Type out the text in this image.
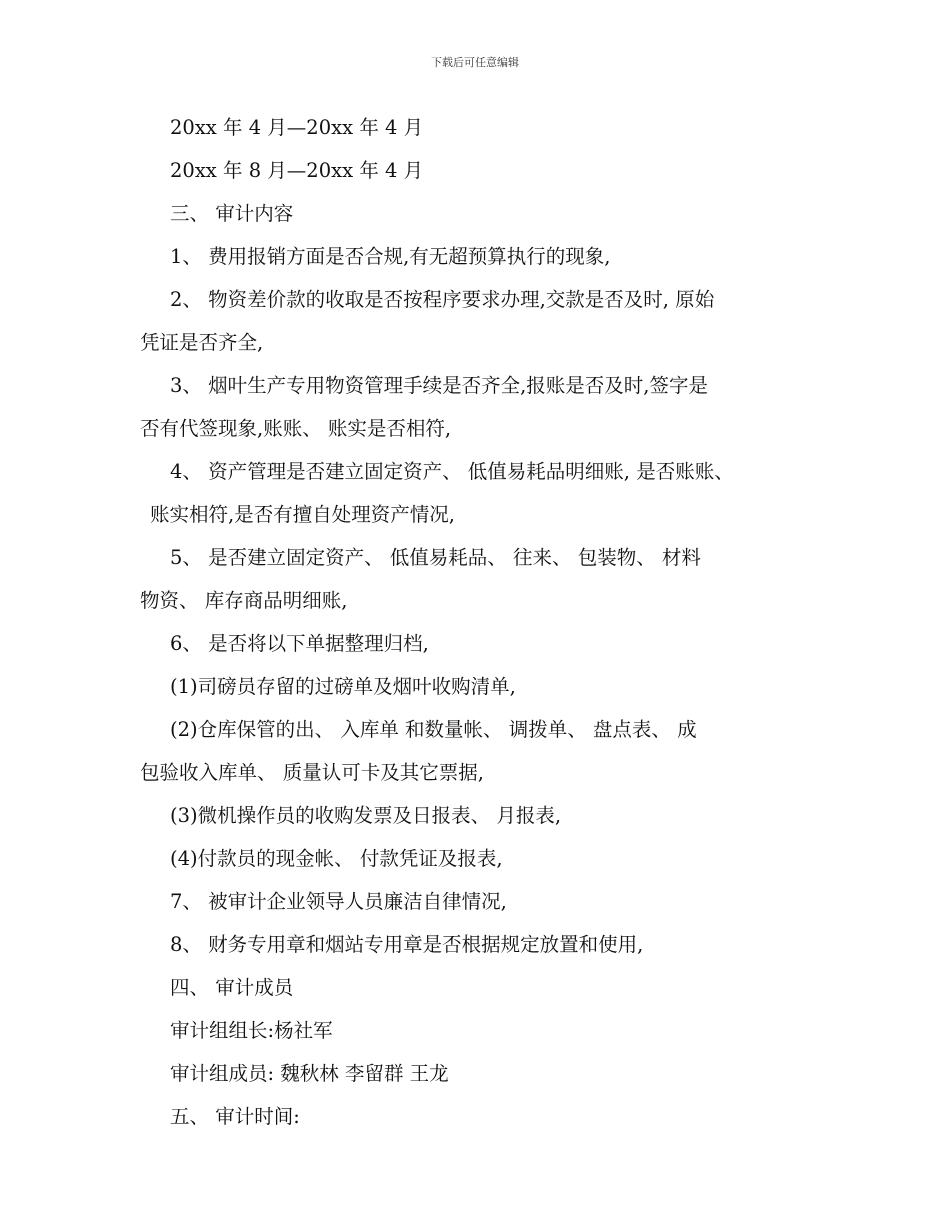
下载后可任意编辑
20xx 年 4 月—20xx 年 4 月
20xx 年 8 月—20xx 年 4 月
三、 审计内容
1、 费用报销方面是否合规,有无超预算执行的现象,
2、 物资差价款的收取是否按程序要求办理,交款是否及时, 原始
凭证是否齐全,
3、 烟叶生产专用物资管理手续是否齐全,报账是否及时,签字是
否有代签现象,账账、 账实是否相符,
4、 资产管理是否建立固定资产、 低值易耗品明细账, 是否账账、
账实相符,是否有擅自处理资产情况,
5、 是否建立固定资产、 低值易耗品、 往来、 包装物、 材料
物资、 库存商品明细账,
6、 是否将以下单据整理归档,
(1)司磅员存留的过磅单及烟叶收购清单,
(2)仓库保管的出、 入库单 和数量帐、 调拨单、 盘点表、 成
包验收入库单、 质量认可卡及其它票据,
(3)微机操作员的收购发票及日报表、 月报表,
(4)付款员的现金帐、 付款凭证及报表,
7、 被审计企业领导人员廉洁自律情况,
8、 财务专用章和烟站专用章是否根据规定放置和使用,
四、 审计成员
审计组组长:杨社军
审计组成员: 魏秋林 李留群 王龙
五、 审计时间:
